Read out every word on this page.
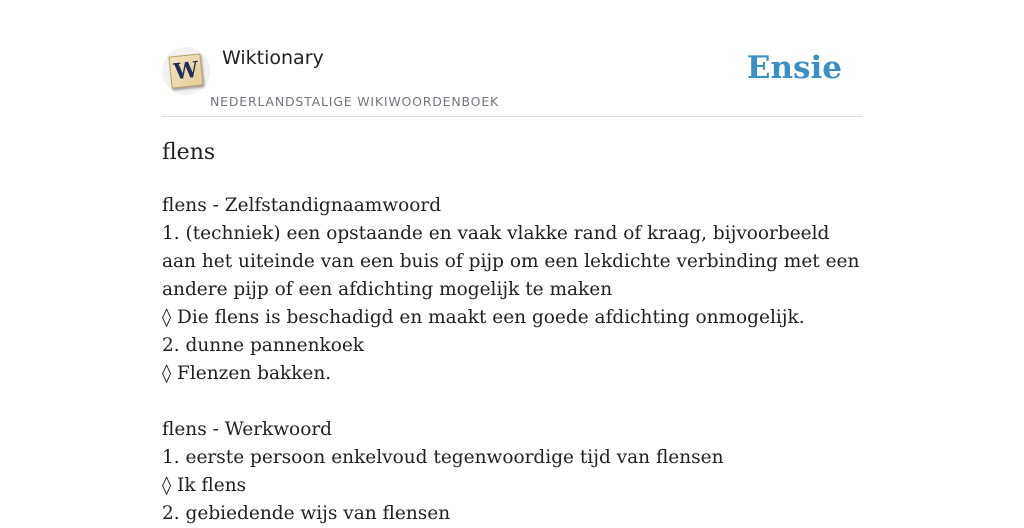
W Wiktionary
NEDERLANDSTALIGE WIKIWOORDENBOEK
Ensie
flens

flens - Zelfstandignaamwoord

1. (techniek) een opstaande en vaak vlakke rand of kraag, bijvoorbeeld aan het uiteinde van een buis of pijp om een lekdichte verbinding met een andere pijp of een afdichting mogelijk te maken

◊ Die flens is beschadigd en maakt een goede afdichting onmogelijk.

2. dunne pannenkoek

◊ Flenzen bakken.

flens - Werkwoord

1. eerste persoon enkelvoud tegenwoordige tijd van flensen

◊ Ik flens

2. gebiedende wijs van flensen
